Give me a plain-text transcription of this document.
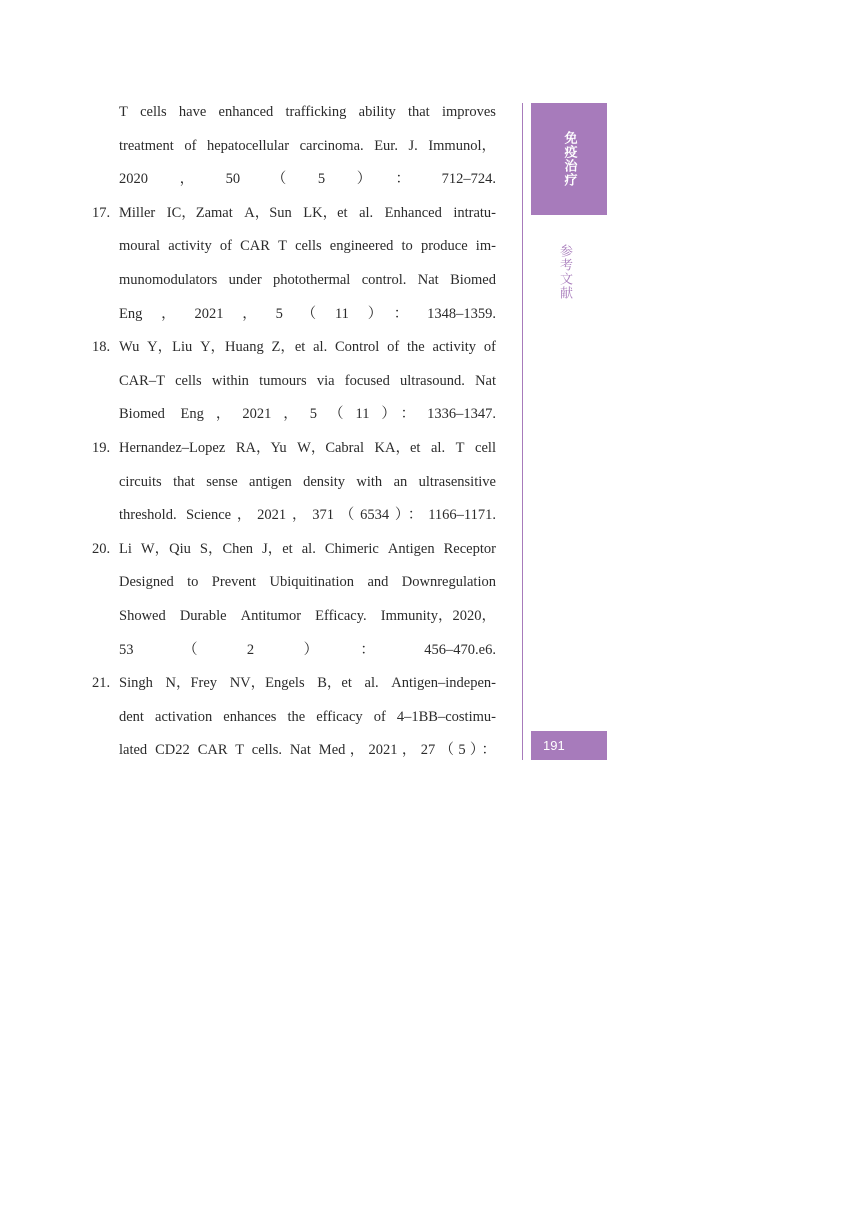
T cells have enhanced trafficking ability that improves
treatment of hepatocellular carcinoma. Eur. J. Immunol，
2020，50（5）：712–724.
17. Miller IC，Zamat A，Sun LK，et al. Enhanced intratu-
moural activity of CAR T cells engineered to produce im-
munomodulators under photothermal control. Nat Biomed
Eng，2021，5（11）：1348–1359.
18. Wu Y，Liu Y，Huang Z，et al. Control of the activity of
CAR–T cells within tumours via focused ultrasound. Nat
Biomed Eng，2021，5（11）：1336–1347.
19. Hernandez–Lopez RA，Yu W，Cabral KA，et al. T cell
circuits that sense antigen density with an ultrasensitive
threshold. Science，2021，371（6534）：1166–1171.
20. Li W，Qiu S，Chen J，et al. Chimeric Antigen Receptor
Designed to Prevent Ubiquitination and Downregulation
Showed Durable Antitumor Efficacy. Immunity，2020，
53（2）：456–470.e6.
21. Singh N，Frey NV，Engels B，et al. Antigen–indepen-
dent activation enhances the efficacy of 4–1BB–costimu-
lated CD22 CAR T cells. Nat Med，2021，27（5）：
免疫治疗
参考文献
191
